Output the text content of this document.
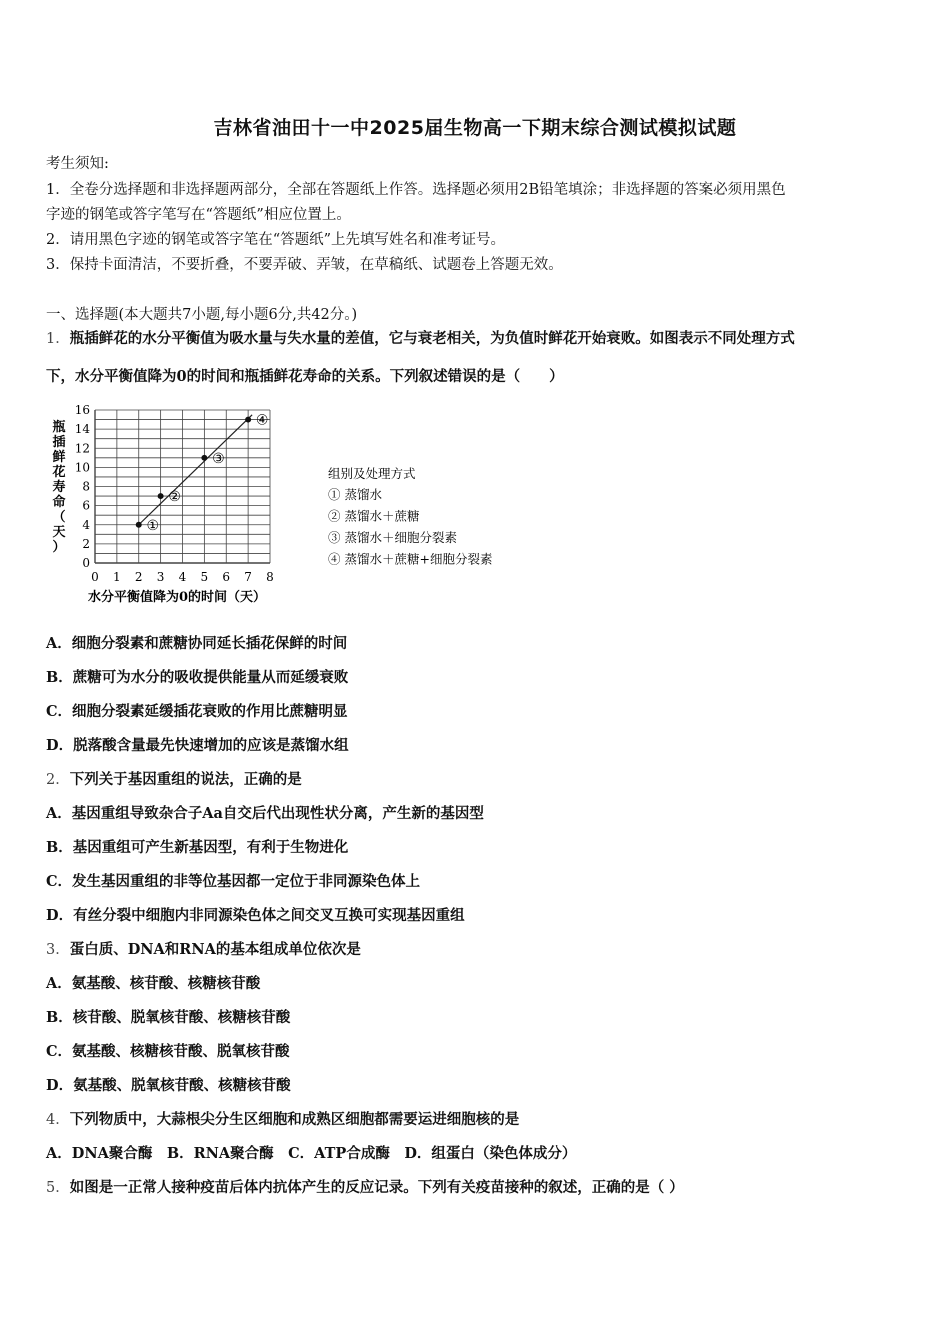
吉林省油田十一中2025届生物高一下期末综合测试模拟试题
考生须知:
1．全卷分选择题和非选择题两部分，全部在答题纸上作答。选择题必须用2B铅笔填涂；非选择题的答案必须用黑色
字迹的钢笔或答字笔写在“答题纸”相应位置上。
2．请用黑色字迹的钢笔或答字笔在“答题纸”上先填写姓名和准考证号。
3．保持卡面清洁，不要折叠，不要弄破、弄皱，在草稿纸、试题卷上答题无效。
一、选择题(本大题共7小题,每小题6分,共42分。)
1．瓶插鲜花的水分平衡值为吸水量与失水量的差值，它与衰老相关，为负值时鲜花开始衰败。如图表示不同处理方式
下，水分平衡值降为0的时间和瓶插鲜花寿命的关系。下列叙述错误的是（　　）
瓶
插
鲜
花
寿
命
（
天
）
0
2
4
6
8
10
12
14
16
0 1 2 3 4 5 6 7 8
①
②
③
④
水分平衡值降为0的时间（天）
组别及处理方式
① 蒸馏水
② 蒸馏水＋蔗糖
③ 蒸馏水＋细胞分裂素
④ 蒸馏水＋蔗糖+细胞分裂素
A．细胞分裂素和蔗糖协同延长插花保鲜的时间
B．蔗糖可为水分的吸收提供能量从而延缓衰败
C．细胞分裂素延缓插花衰败的作用比蔗糖明显
D．脱落酸含量最先快速增加的应该是蒸馏水组
2．下列关于基因重组的说法，正确的是
A．基因重组导致杂合子Aa自交后代出现性状分离，产生新的基因型
B．基因重组可产生新基因型，有利于生物进化
C．发生基因重组的非等位基因都一定位于非同源染色体上
D．有丝分裂中细胞内非同源染色体之间交叉互换可实现基因重组
3．蛋白质、DNA和RNA的基本组成单位依次是
A．氨基酸、核苷酸、核糖核苷酸
B．核苷酸、脱氧核苷酸、核糖核苷酸
C．氨基酸、核糖核苷酸、脱氧核苷酸
D．氨基酸、脱氧核苷酸、核糖核苷酸
4．下列物质中，大蒜根尖分生区细胞和成熟区细胞都需要运进细胞核的是
A．DNA聚合酶　B．RNA聚合酶　C．ATP合成酶　D．组蛋白（染色体成分）
5．如图是一正常人接种疫苗后体内抗体产生的反应记录。下列有关疫苗接种的叙述，正确的是（ ）
